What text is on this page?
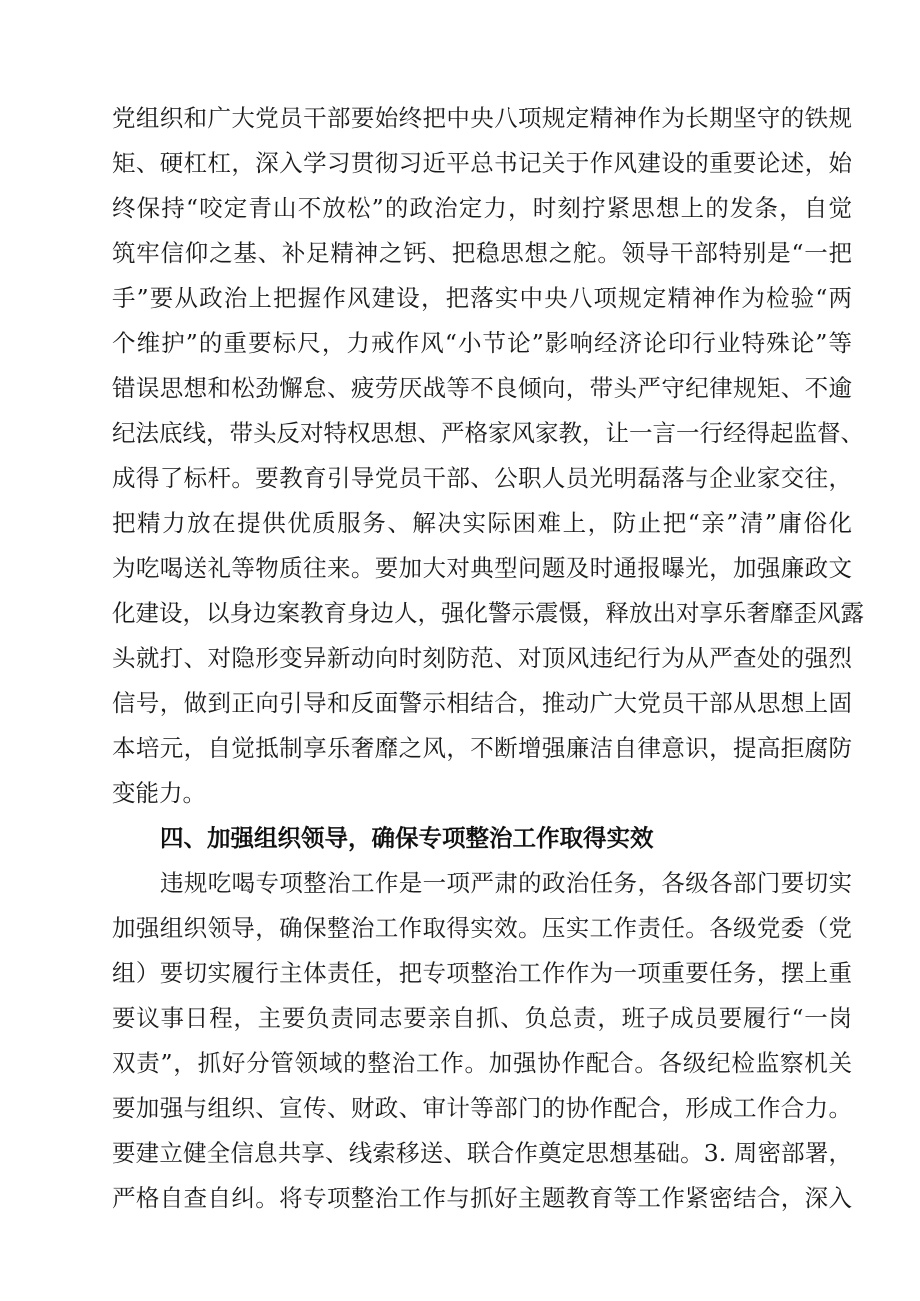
党组织和广大党员干部要始终把中央八项规定精神作为长期坚守的铁规
矩、硬杠杠，深入学习贯彻习近平总书记关于作风建设的重要论述，始
终保持“咬定青山不放松”的政治定力，时刻拧紧思想上的发条，自觉
筑牢信仰之基、补足精神之钙、把稳思想之舵。领导干部特别是“一把
手”要从政治上把握作风建设，把落实中央八项规定精神作为检验“两
个维护”的重要标尺，力戒作风“小节论”影响经济论印行业特殊论”等
错误思想和松劲懈怠、疲劳厌战等不良倾向，带头严守纪律规矩、不逾
纪法底线，带头反对特权思想、严格家风家教，让一言一行经得起监督、
成得了标杆。要教育引导党员干部、公职人员光明磊落与企业家交往，
把精力放在提供优质服务、解决实际困难上，防止把“亲”清”庸俗化
为吃喝送礼等物质往来。要加大对典型问题及时通报曝光，加强廉政文
化建设，以身边案教育身边人，强化警示震慑，释放出对享乐奢靡歪风露
头就打、对隐形变异新动向时刻防范、对顶风违纪行为从严查处的强烈
信号，做到正向引导和反面警示相结合，推动广大党员干部从思想上固
本培元，自觉抵制享乐奢靡之风，不断增强廉洁自律意识，提高拒腐防
变能力。
四、加强组织领导，确保专项整治工作取得实效
违规吃喝专项整治工作是一项严肃的政治任务，各级各部门要切实
加强组织领导，确保整治工作取得实效。压实工作责任。各级党委（党
组）要切实履行主体责任，把专项整治工作作为一项重要任务，摆上重
要议事日程，主要负责同志要亲自抓、负总责，班子成员要履行“一岗
双责”，抓好分管领域的整治工作。加强协作配合。各级纪检监察机关
要加强与组织、宣传、财政、审计等部门的协作配合，形成工作合力。
要建立健全信息共享、线索移送、联合作奠定思想基础。3. 周密部署，
严格自查自纠。将专项整治工作与抓好主题教育等工作紧密结合，深入
